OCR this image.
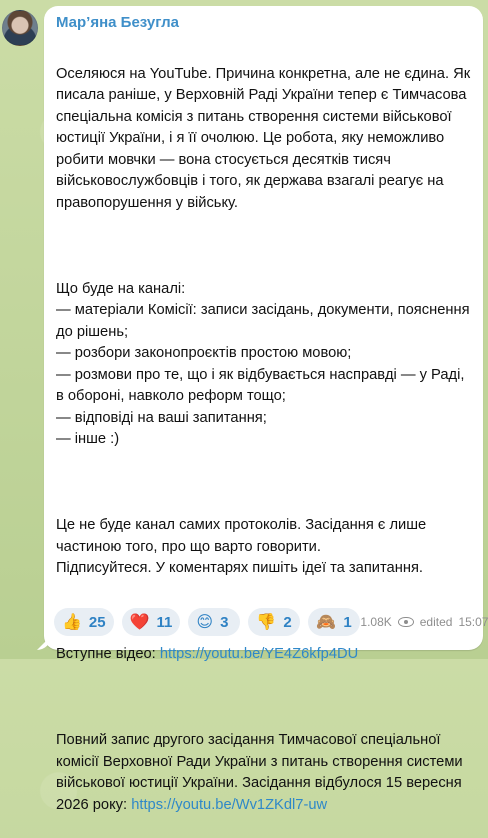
Мар’яна Безугла

Оселяюся на YouTube. Причина конкретна, але не єдина. Як писала раніше, у Верховній Раді України тепер є Тимчасова спеціальна комісія з питань створення системи військової юстиції України, і я її очолюю. Це робота, яку неможливо робити мовчки — вона стосується десятків тисяч військовослужбовців і того, як держава взагалі реагує на правопорушення у війську.

Що буде на каналі:
— матеріали Комісії: записи засідань, документи, пояснення до рішень;
— розбори законопроєктів простою мовою;
— розмови про те, що і як відбувається насправді — у Раді, в обороні, навколо реформ тощо;
— відповіді на ваші запитання;
— інше :)

Це не буде канал самих протоколів. Засідання є лише частиною того, про що варто говорити.
Підписуйтеся. У коментарях пишіть ідеї та запитання.

Вступне відео: https://youtu.be/YE4Z6kfp4DU

Повний запис другого засідання Тимчасової спеціальної комісії Верховної Ради України з питань створення системи військової юстиції України. Засідання відбулося 15 вересня 2026 року: https://youtu.be/Wv1ZKdl7-uw

👍 25 ❤️ 11 😊 3 👎 2 🙈 1 1.08K edited 15:07
